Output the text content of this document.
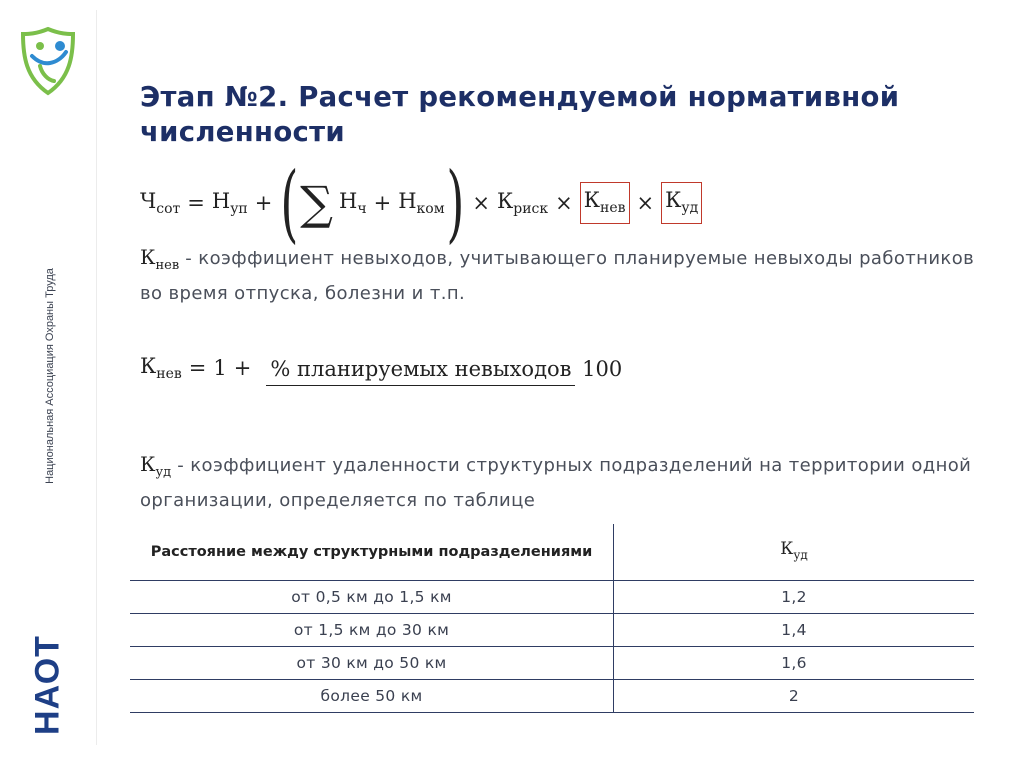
Национальная Ассоциация Охраны Труда
НАОТ
Этап №2. Расчет рекомендуемой нормативной численности
Чсот = Нуп + ( ∑ Нч + Нком ) × Криск × Кнев × Куд

$К_{нев}$ - коэффициент невыходов, учитывающего планируемые невыходы работников во время отпуска, болезни и т.п.

Кнев = 1 + % планируемых невыходов 100

$К_{уд}$ - коэффициент удаленности структурных подразделений на территории одной организации, определяется по таблице

Расстояние между структурными подразделениями	$К_{уд}$
от 0,5 км до 1,5 км	1,2
от 1,5 км до 30 км	1,4
от 30 км до 50 км	1,6
более 50 км	2
